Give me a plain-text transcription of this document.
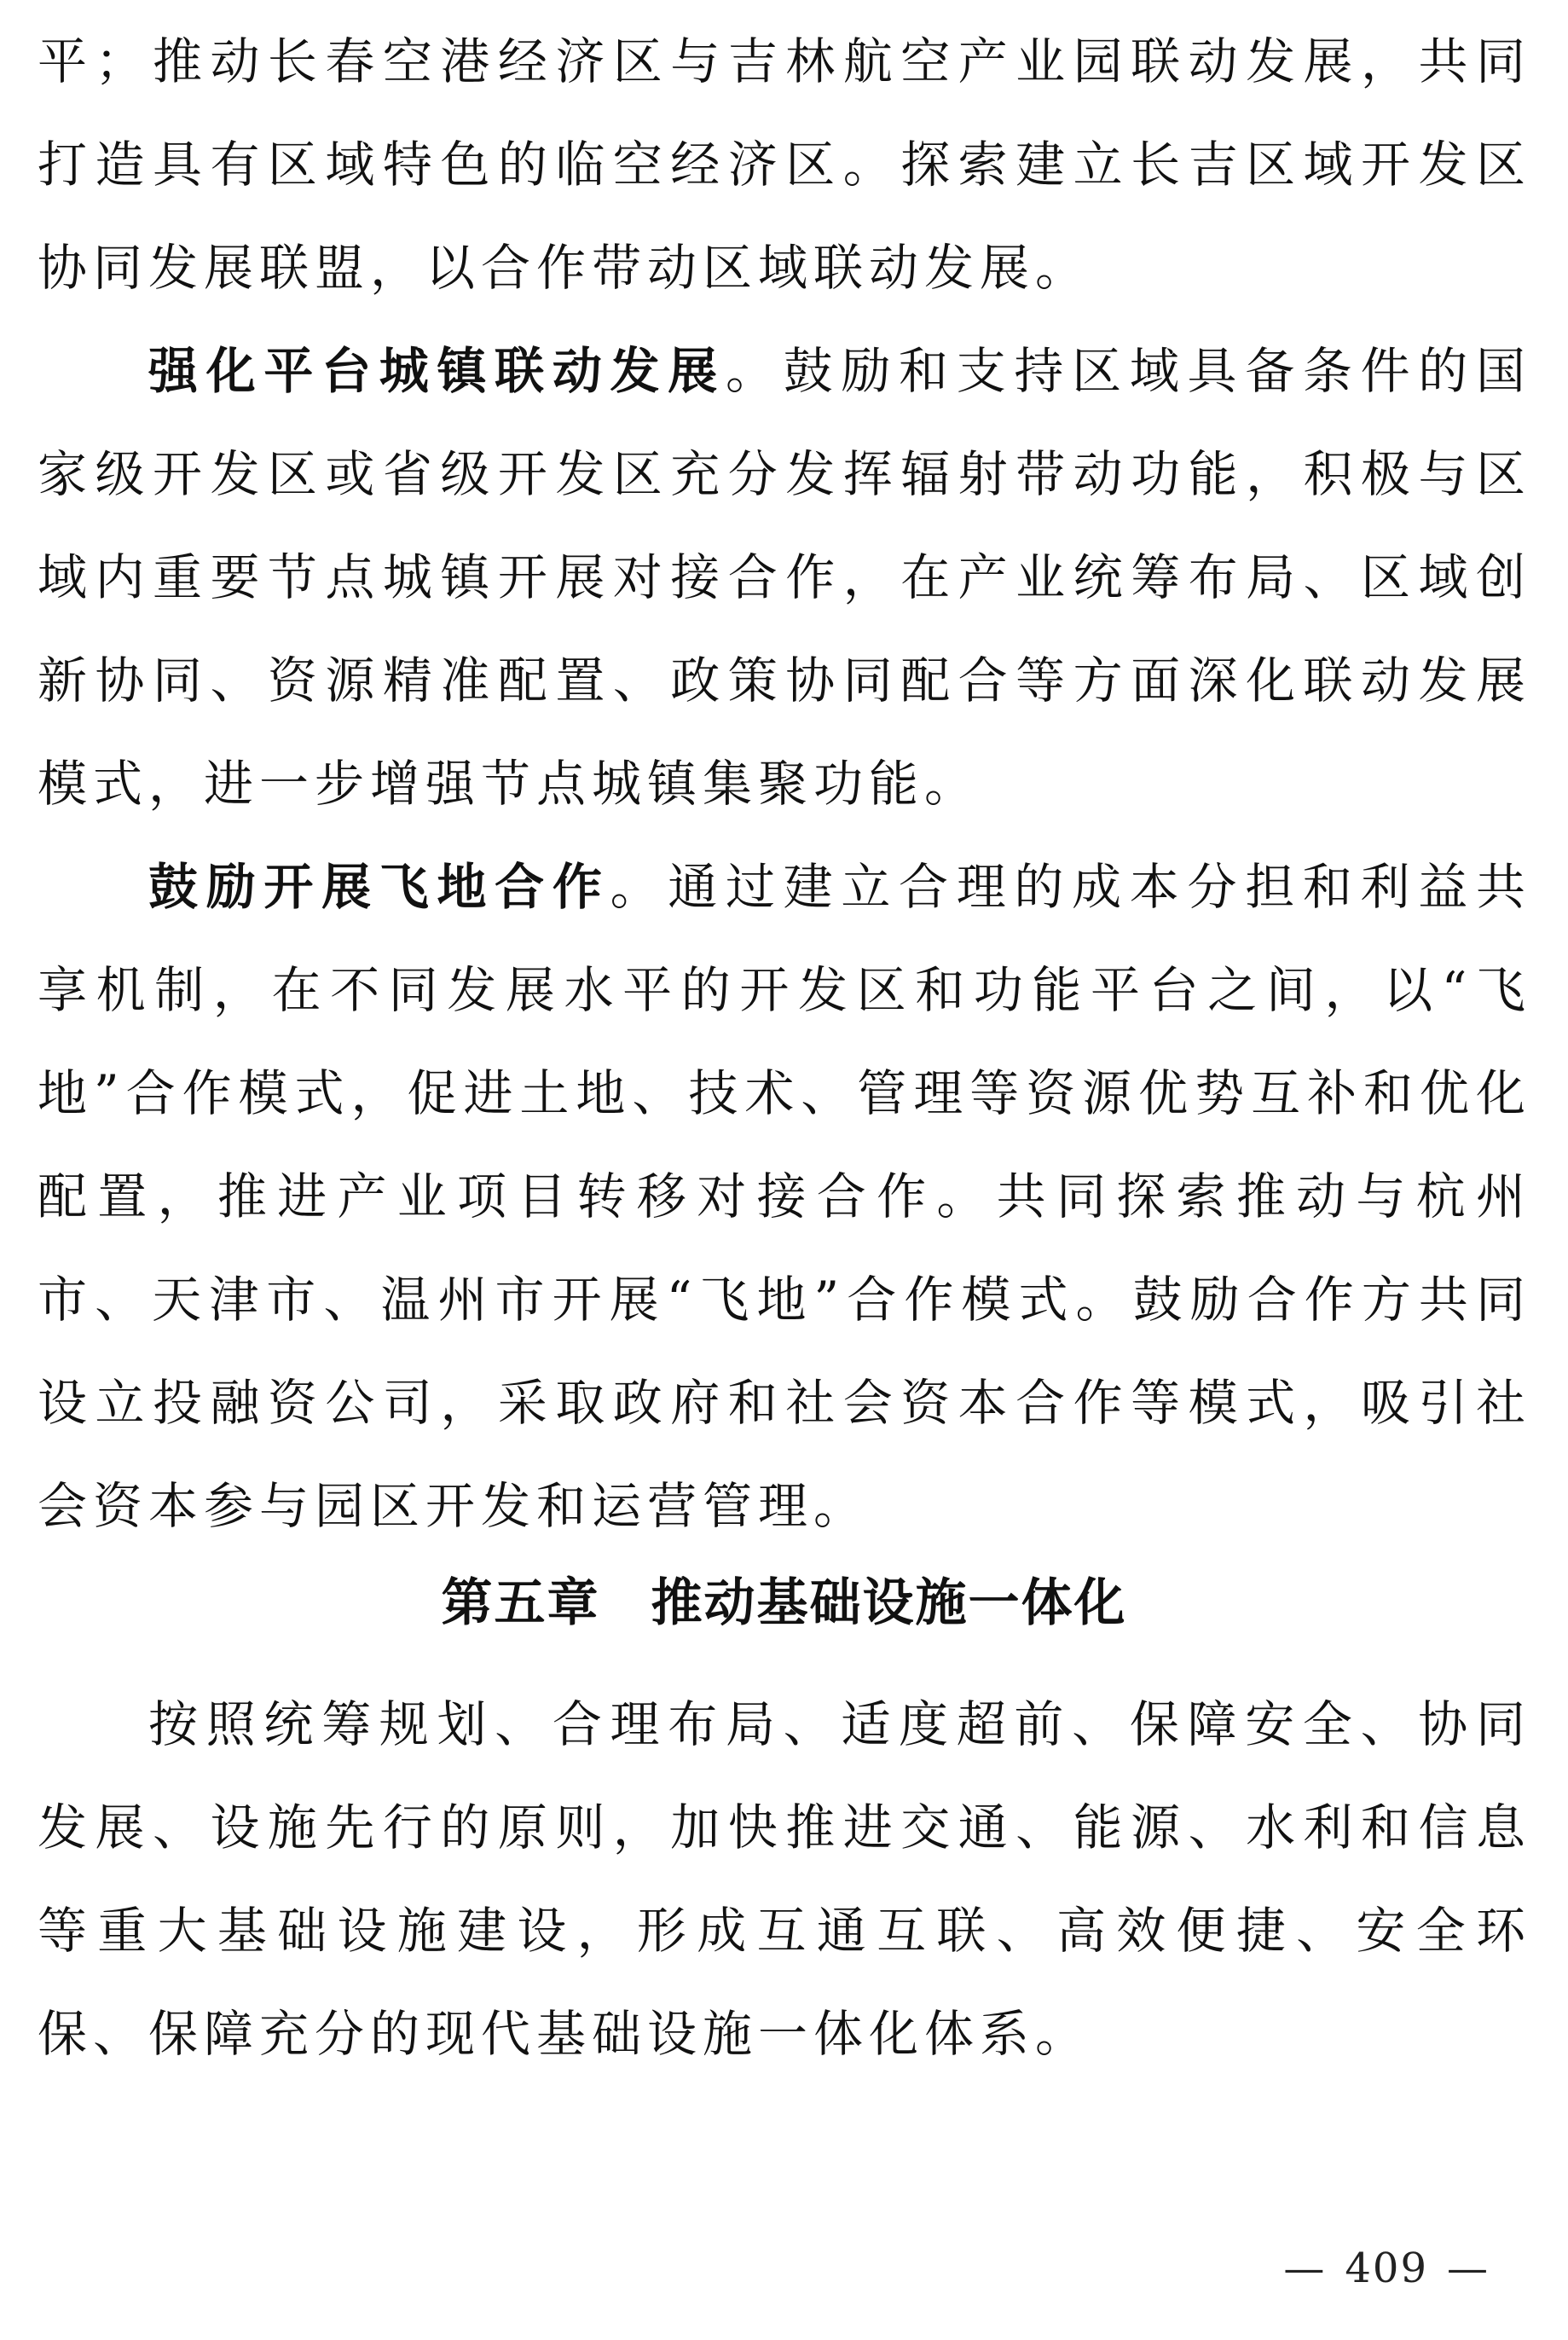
平；推动长春空港经济区与吉林航空产业园联动发展，共同打造具有区域特色的临空经济区。探索建立长吉区域开发区协同发展联盟，以合作带动区域联动发展。

强化平台城镇联动发展。鼓励和支持区域具备条件的国家级开发区或省级开发区充分发挥辐射带动功能，积极与区域内重要节点城镇开展对接合作，在产业统筹布局、区域创新协同、资源精准配置、政策协同配合等方面深化联动发展模式，进一步增强节点城镇集聚功能。

鼓励开展飞地合作。通过建立合理的成本分担和利益共享机制，在不同发展水平的开发区和功能平台之间，以“飞地”合作模式，促进土地、技术、管理等资源优势互补和优化配置，推进产业项目转移对接合作。共同探索推动与杭州市、天津市、温州市开展“飞地”合作模式。鼓励合作方共同设立投融资公司，采取政府和社会资本合作等模式，吸引社会资本参与园区开发和运营管理。

第五章 推动基础设施一体化

按照统筹规划、合理布局、适度超前、保障安全、协同发展、设施先行的原则，加快推进交通、能源、水利和信息等重大基础设施建设，形成互通互联、高效便捷、安全环保、保障充分的现代基础设施一体化体系。

— 409 —
